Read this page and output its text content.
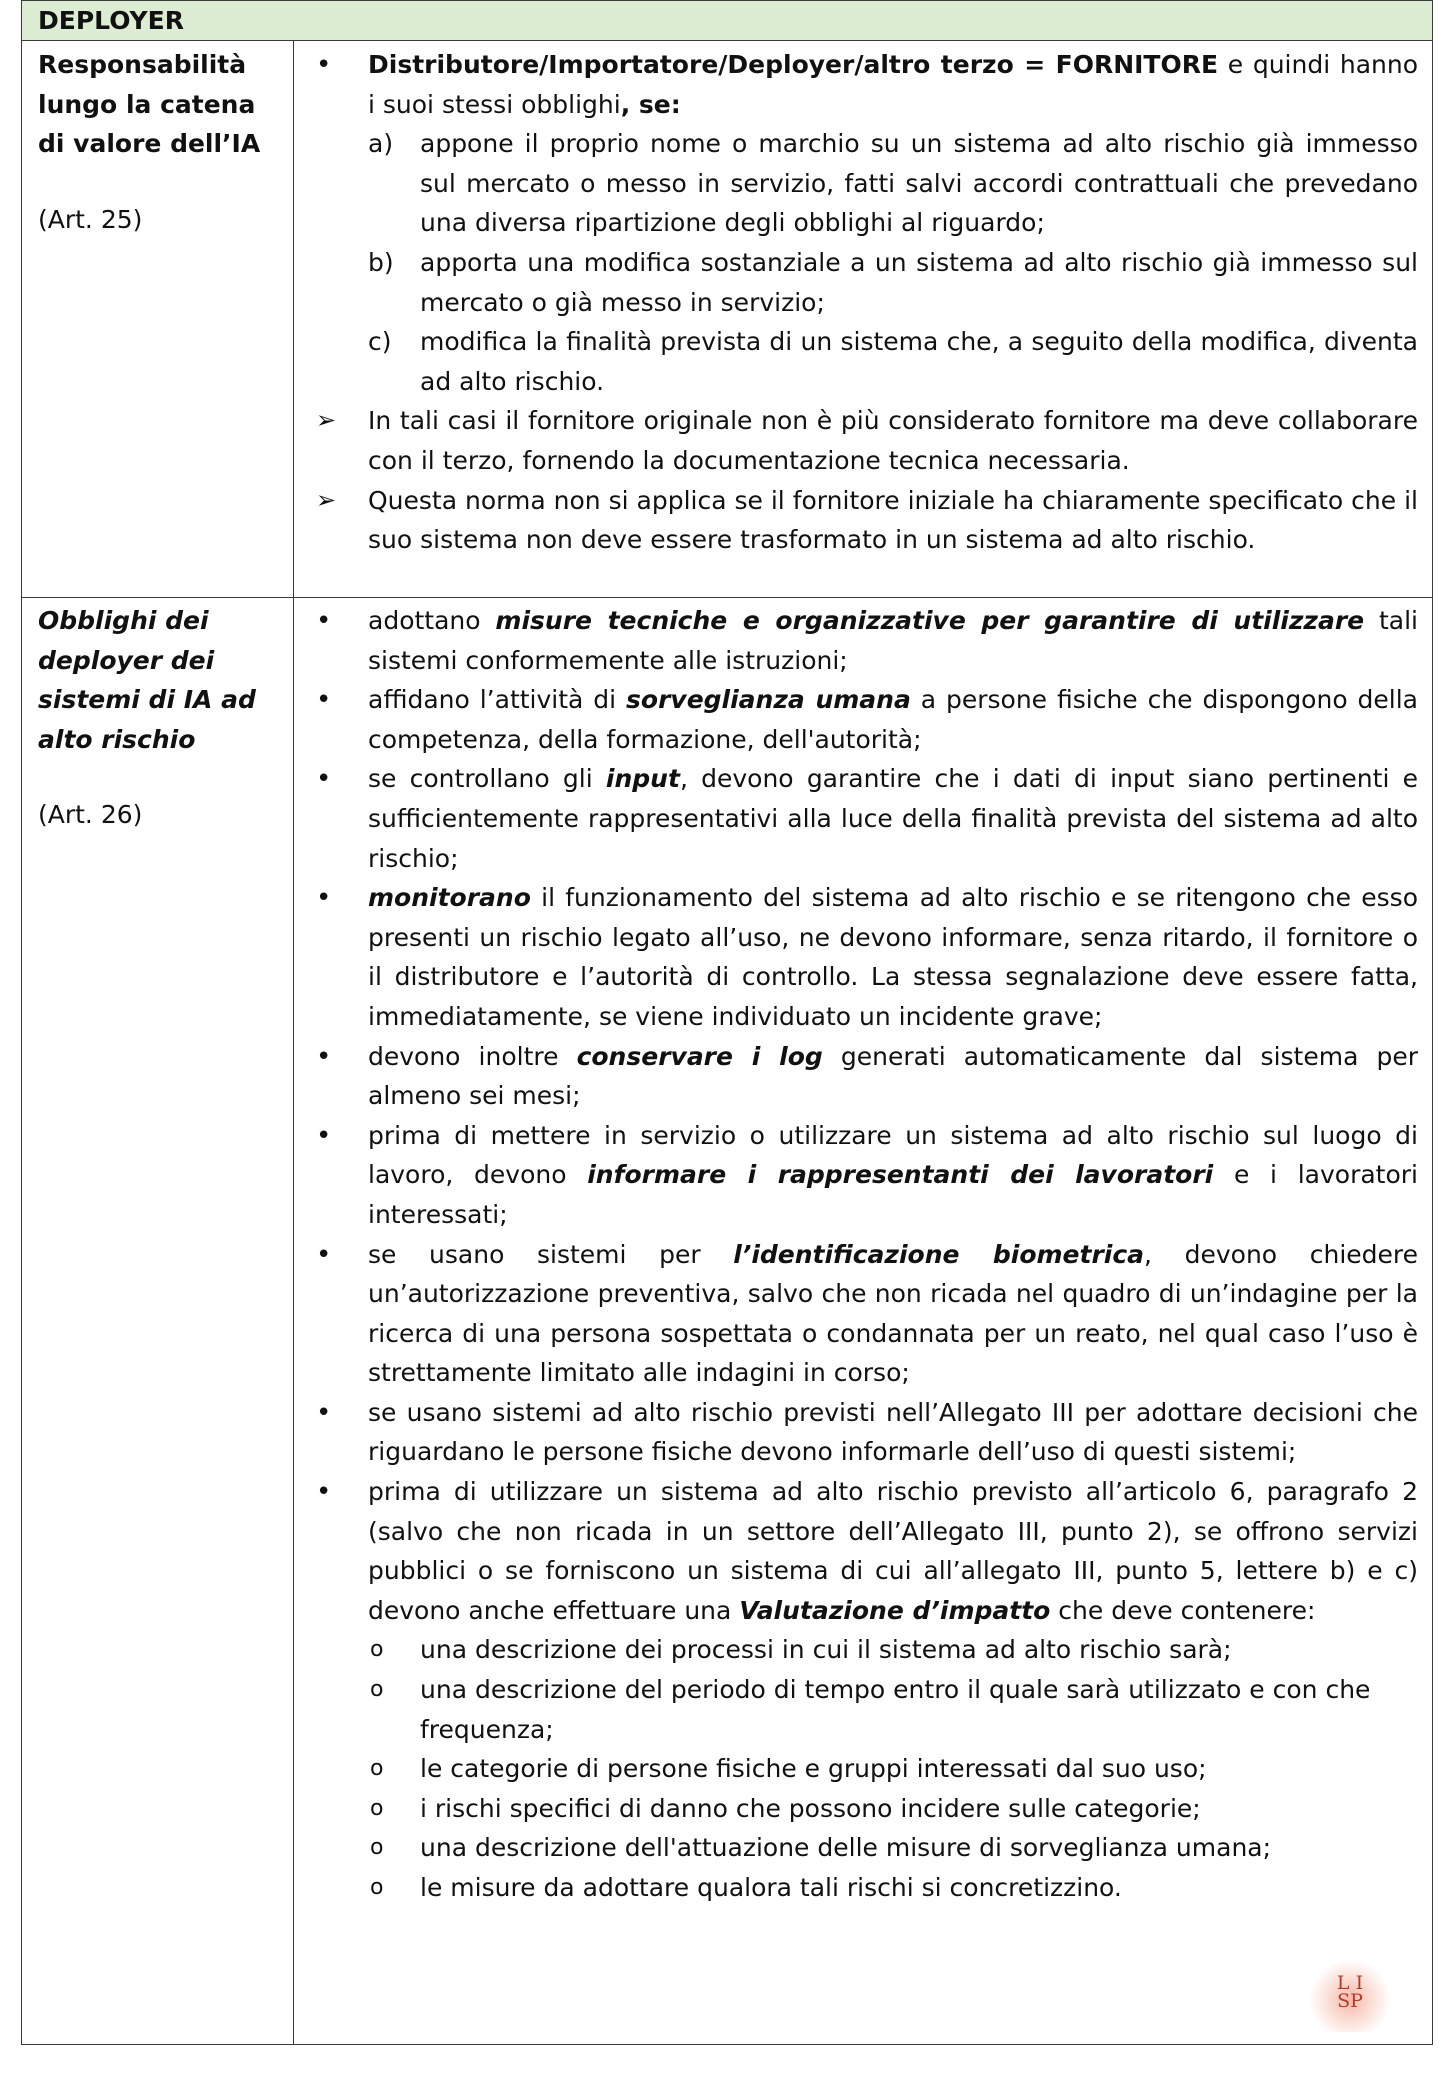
DEPLOYER
Responsabilità lungo la catena di valore dell’IA
(Art. 25)
•
Distributore/Importatore/Deployer/altro terzo = FORNITORE e quindi hanno i suoi stessi obblighi, se:
a) appone il proprio nome o marchio su un sistema ad alto rischio già immesso sul mercato o messo in servizio, fatti salvi accordi contrattuali che prevedano una diversa ripartizione degli obblighi al riguardo;
b) apporta una modifica sostanziale a un sistema ad alto rischio già immesso sul mercato o già messo in servizio;
c) modifica la finalità prevista di un sistema che, a seguito della modifica, diventa ad alto rischio.
➢	In tali casi il fornitore originale non è più considerato fornitore ma deve collaborare con il terzo, fornendo la documentazione tecnica necessaria.
➢	Questa norma non si applica se il fornitore iniziale ha chiaramente specificato che il suo sistema non deve essere trasformato in un sistema ad alto rischio.
Obblighi dei deployer dei sistemi di IA ad alto rischio
(Art. 26)
•
adottano misure tecniche e organizzative per garantire di utilizzare tali sistemi conformemente alle istruzioni;
•
affidano l’attività di sorveglianza umana a persone fisiche che dispongono della competenza, della formazione, dell'autorità;
•
se controllano gli input, devono garantire che i dati di input siano pertinenti e sufficientemente rappresentativi alla luce della finalità prevista del sistema ad alto rischio;
•
monitorano il funzionamento del sistema ad alto rischio e se ritengono che esso presenti un rischio legato all’uso, ne devono informare, senza ritardo, il fornitore o il distributore e l’autorità di controllo. La stessa segnalazione deve essere fatta, immediatamente, se viene individuato un incidente grave;
•
devono inoltre conservare i log generati automaticamente dal sistema per almeno sei mesi;
•
prima di mettere in servizio o utilizzare un sistema ad alto rischio sul luogo di lavoro, devono informare i rappresentanti dei lavoratori e i lavoratori interessati;
•
se usano sistemi per l’identificazione biometrica, devono chiedere un’autorizzazione preventiva, salvo che non ricada nel quadro di un’indagine per la ricerca di una persona sospettata o condannata per un reato, nel qual caso l’uso è strettamente limitato alle indagini in corso;
•
se usano sistemi ad alto rischio previsti nell’Allegato III per adottare decisioni che riguardano le persone fisiche devono informarle dell’uso di questi sistemi;
•
prima di utilizzare un sistema ad alto rischio previsto all’articolo 6, paragrafo 2 (salvo che non ricada in un settore dell’Allegato III, punto 2), se offrono servizi pubblici o se forniscono un sistema di cui all’allegato III, punto 5, lettere b) e c) devono anche effettuare una Valutazione d’impatto che deve contenere:
o una descrizione dei processi in cui il sistema ad alto rischio sarà;
o una descrizione del periodo di tempo entro il quale sarà utilizzato e con che frequenza;
o le categorie di persone fisiche e gruppi interessati dal suo uso;
o i rischi specifici di danno che possono incidere sulle categorie;
o una descrizione dell'attuazione delle misure di sorveglianza umana;
o le misure da adottare qualora tali rischi si concretizzino.
L I
SP
